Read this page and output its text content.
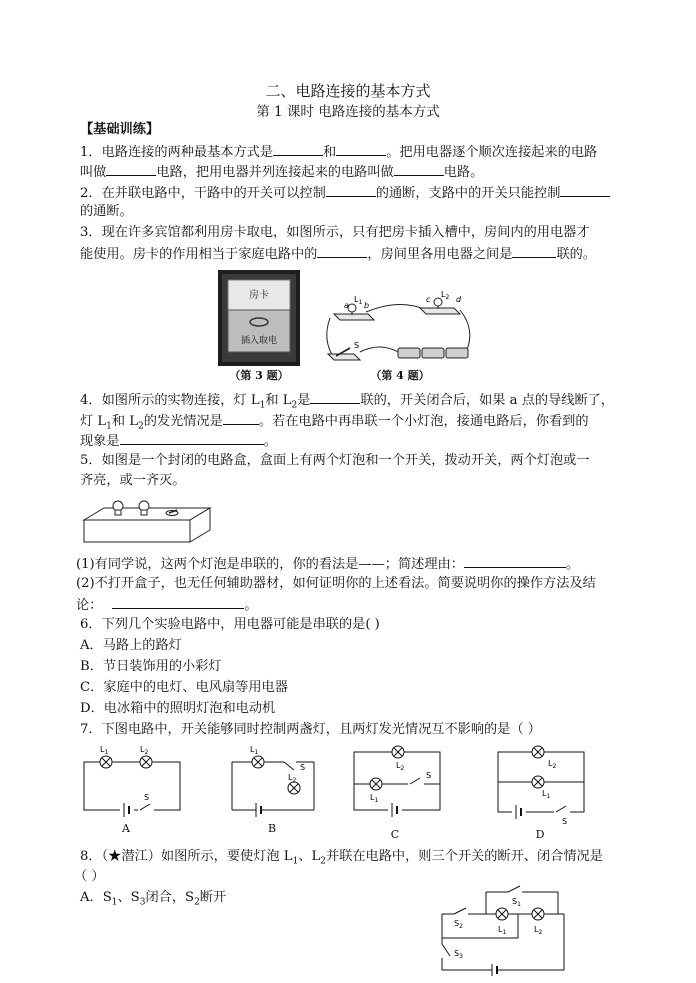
二、电路连接的基本方式
第 1 课时 电路连接的基本方式
【基础训练】
1．电路连接的两种最基本方式是	和	。把用电器逐个顺次连接起来的电路
叫做	电路，把用电器并列连接起来的电路叫做	电路。
2．在并联电路中，干路中的开关可以控制	的通断，支路中的开关只能控制
的通断。
3．现在许多宾馆都利用房卡取电，如图所示，只有把房卡插入槽中，房间内的用电器才
能使用。房卡的作用相当于家庭电路中的	，房间里各用电器之间是	联的。
房卡
插入取电
（第 3 题）
a
$L_1$ b
c
$L_2$ d
S
（第 4 题）
4．如图所示的实物连接，灯 $L_1$和 $L_2$是	联的，开关闭合后，如果 a 点的导线断了，
灯 $L_1$和 $L_2$的发光情况是	。若在电路中再串联一个小灯泡，接通电路后，你看到的
现象是	。
5．如图是一个封闭的电路盒，盒面上有两个灯泡和一个开关，拨动开关，两个灯泡或一
齐亮，或一齐灭。
(1)有同学说，这两个灯泡是串联的，你的看法是——；简述理由：	。
(2)不打开盒子，也无任何辅助器材，如何证明你的上述看法。简要说明你的操作方法及结
论：	。
6．下列几个实验电路中，用电器可能是串联的是( )
A．马路上的路灯
B．节日装饰用的小彩灯
C．家庭中的电灯、电风扇等用电器
D．电冰箱中的照明灯泡和电动机
7．下图电路中，开关能够同时控制两盏灯，且两灯发光情况互不影响的是（ ）
$L_1$	$L_2$
S
A
$L_1$
$L_2$
S
B
$L_2$
$L_1$
S
C
$L_2$
$L_1$
S
D
8．（★潜江）如图所示，要使灯泡 $L_1$、$L_2$并联在电路中，则三个开关的断开、闭合情况是
（ ）
A．$S_1$、$S_3$闭合，$S_2$断开	$S_1$
$S_2$	$L_1$	$L_2$
$S_3$
